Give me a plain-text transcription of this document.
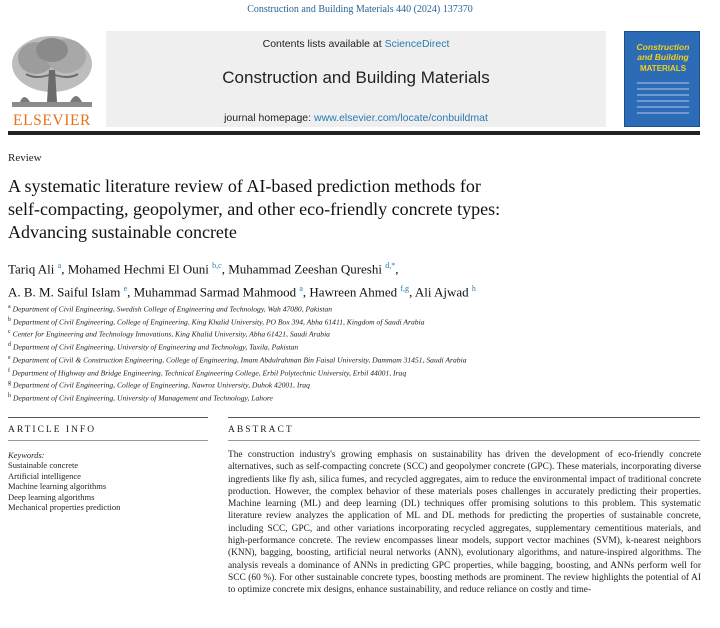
Construction and Building Materials 440 (2024) 137370
ELSEVIER
Contents lists available at ScienceDirect
Construction and Building Materials
journal homepage: www.elsevier.com/locate/conbuildmat
Construction and Building
MATERIALS
Review
A systematic literature review of AI-based prediction methods for
self-compacting, geopolymer, and other eco-friendly concrete types:
Advancing sustainable concrete
Tariq Ali $^a$, Mohamed Hechmi El Ouni $^{b,c}$, Muhammad Zeeshan Qureshi $^{d,*}$,
A. B. M. Saiful Islam $^e$, Muhammad Sarmad Mahmood $^a$, Hawreen Ahmed $^{f,g}$, Ali Ajwad $^h$
$^a$ Department of Civil Engineering, Swedish College of Engineering and Technology, Wah 47080, Pakistan
$^b$ Department of Civil Engineering, College of Engineering, King Khalid University, PO Box 394, Abha 61411, Kingdom of Saudi Arabia
$^c$ Center for Engineering and Technology Innovations, King Khalid University, Abha 61421, Saudi Arabia
$^d$ Department of Civil Engineering, University of Engineering and Technology, Taxila, Pakistan
$^e$ Department of Civil & Construction Engineering, College of Engineering, Imam Abdulrahman Bin Faisal University, Dammam 31451, Saudi Arabia
$^f$ Department of Highway and Bridge Engineering, Technical Engineering College, Erbil Polytechnic University, Erbil 44001, Iraq
$^g$ Department of Civil Engineering, College of Engineering, Nawroz University, Duhok 42001, Iraq
$^h$ Department of Civil Engineering, University of Management and Technology, Lahore
ARTICLE INFO	ABSTRACT
Keywords:
Sustainable concrete
Artificial intelligence
Machine learning algorithms
Deep learning algorithms
Mechanical properties prediction
The construction industry's growing emphasis on sustainability has driven the development of eco-friendly concrete alternatives, such as self-compacting concrete (SCC) and geopolymer concrete (GPC). These materials, incorporating diverse ingredients like fly ash, silica fumes, and recycled aggregates, aim to reduce the environmental impact of traditional concrete production. However, the complex behavior of these materials poses challenges in accurately predicting their properties. Machine learning (ML) and deep learning (DL) techniques offer promising solutions to this problem. This systematic literature review analyzes the application of ML and DL methods for predicting the properties of sustainable concrete, including SCC, GPC, and other variations incorporating recycled aggregates, supplementary cementitious materials, and high-performance concrete. The review encompasses linear models, support vector machines (SVM), k-nearest neighbors (KNN), bagging, boosting, artificial neural networks (ANN), evolutionary algorithms, and nature-inspired algorithms. The analysis reveals a dominance of ANNs in predicting GPC properties, while bagging, boosting, and ANNs perform well for SCC (60 %). For other sustainable concrete types, boosting methods are prominent. The review highlights the potential of AI to optimize concrete mix designs, enhance sustainability, and reduce reliance on costly and time-
